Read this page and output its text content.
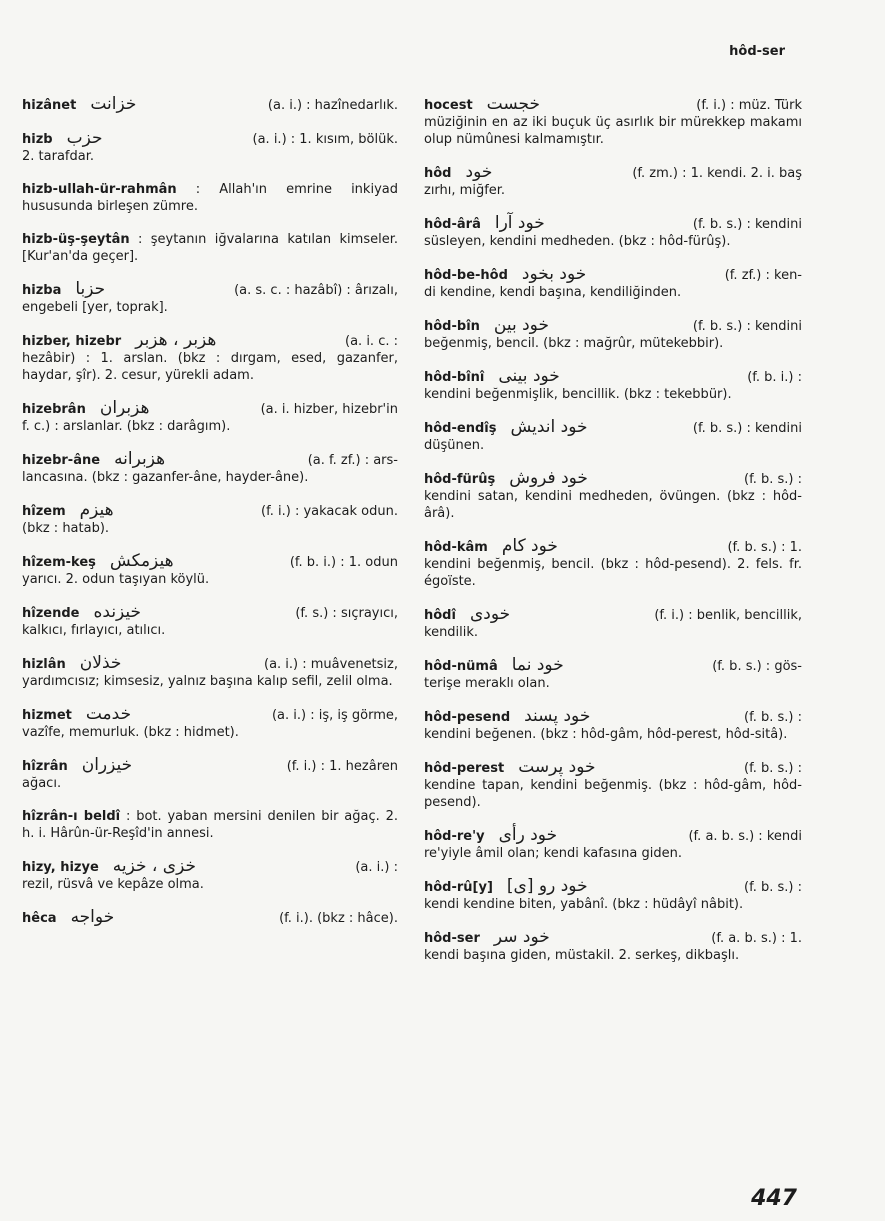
hôd-ser
hizânet خزانت	(a. i.) : hazînedarlık.
hizb حزب	(a. i.) : 1. kısım, bölük.

2. tarafdar.

hizb-ullah-ür-rahmân : Allah'ın emrine inkiyad hususunda birleşen zümre.

hizb-üş-şeytân : şeytanın iğvalarına katılan kimseler. [Kur'an'da geçer].

hizba حزبا	(a. s. c. : hazâbî) : ârızalı,

engebeli [yer, toprak].

hizber, hizebr هزبر ، هزبر	(a. i. c. :

hezâbir) : 1. arslan. (bkz : dırgam, esed, gazanfer, haydar, şîr). 2. cesur, yürekli adam.

hizebrân هزبران	(a. i. hizber, hizebr'in

f. c.) : arslanlar. (bkz : darâgım).

hizebr-âne هزبرانه	(a. f. zf.) : ars-

lancasına. (bkz : gazanfer-âne, hayder-âne).

hîzem هيزم	(f. i.) : yakacak odun.

(bkz : hatab).

hîzem-keş هيزمكش	(f. b. i.) : 1. odun

yarıcı. 2. odun taşıyan köylü.

hîzende خيزنده	(f. s.) : sıçrayıcı,

kalkıcı, fırlayıcı, atılıcı.

hizlân خذلان	(a. i.) : muâvenetsiz,

yardımcısız; kimsesiz, yalnız başına kalıp sefil, zelil olma.

hizmet خدمت	(a. i.) : iş, iş görme,

vazîfe, memurluk. (bkz : hidmet).

hîzrân خيزران	(f. i.) : 1. hezâren

ağacı.

hîzrân-ı beldî : bot. yaban mersini denilen bir ağaç. 2. h. i. Hârûn-ür-Reşîd'in annesi.

hizy, hizye خزى ، خزيه	(a. i.) :

rezil, rüsvâ ve kepâze olma.

hêca خواجه	(f. i.). (bkz : hâce).
hocest خجست	(f. i.) : müz. Türk

müziğinin en az iki buçuk üç asırlık bir mürekkep makamı olup nümûnesi kalmamıştır.

hôd خود	(f. zm.) : 1. kendi. 2. i. baş

zırhı, miğfer.

hôd-ârâ خود آرا	(f. b. s.) : kendini

süsleyen, kendini medheden. (bkz : hôd-fürûş).

hôd-be-hôd خود بخود	(f. zf.) : ken-

di kendine, kendi başına, kendiliğinden.

hôd-bîn خود بين	(f. b. s.) : kendini

beğenmiş, bencil. (bkz : mağrûr, mütekebbir).

hôd-bînî خود بينى	(f. b. i.) :

kendini beğenmişlik, bencillik. (bkz : tekebbür).

hôd-endîş خود انديش	(f. b. s.) : kendini

düşünen.

hôd-fürûş خود فروش	(f. b. s.) :

kendini satan, kendini medheden, övüngen. (bkz : hôd-ârâ).

hôd-kâm خود كام	(f. b. s.) : 1.

kendini beğenmiş, bencil. (bkz : hôd-pesend). 2. fels. fr. égoïste.

hôdî خودى	(f. i.) : benlik, bencillik,

kendilik.

hôd-nümâ خود نما	(f. b. s.) : gös-

terişe meraklı olan.

hôd-pesend خود پسند	(f. b. s.) :

kendini beğenen. (bkz : hôd-gâm, hôd-perest, hôd-sitâ).

hôd-perest خود پرست	(f. b. s.) :

kendine tapan, kendini beğenmiş. (bkz : hôd-gâm, hôd-pesend).

hôd-re'y خود رأى	(f. a. b. s.) : kendi

re'yiyle âmil olan; kendi kafasına giden.

hôd-rû[y] خود رو [ى]	(f. b. s.) :

kendi kendine biten, yabânî. (bkz : hüdâyî nâbit).

hôd-ser خود سر	(f. a. b. s.) : 1.

kendi başına giden, müstakil. 2. serkeş, dikbaşlı.

447
